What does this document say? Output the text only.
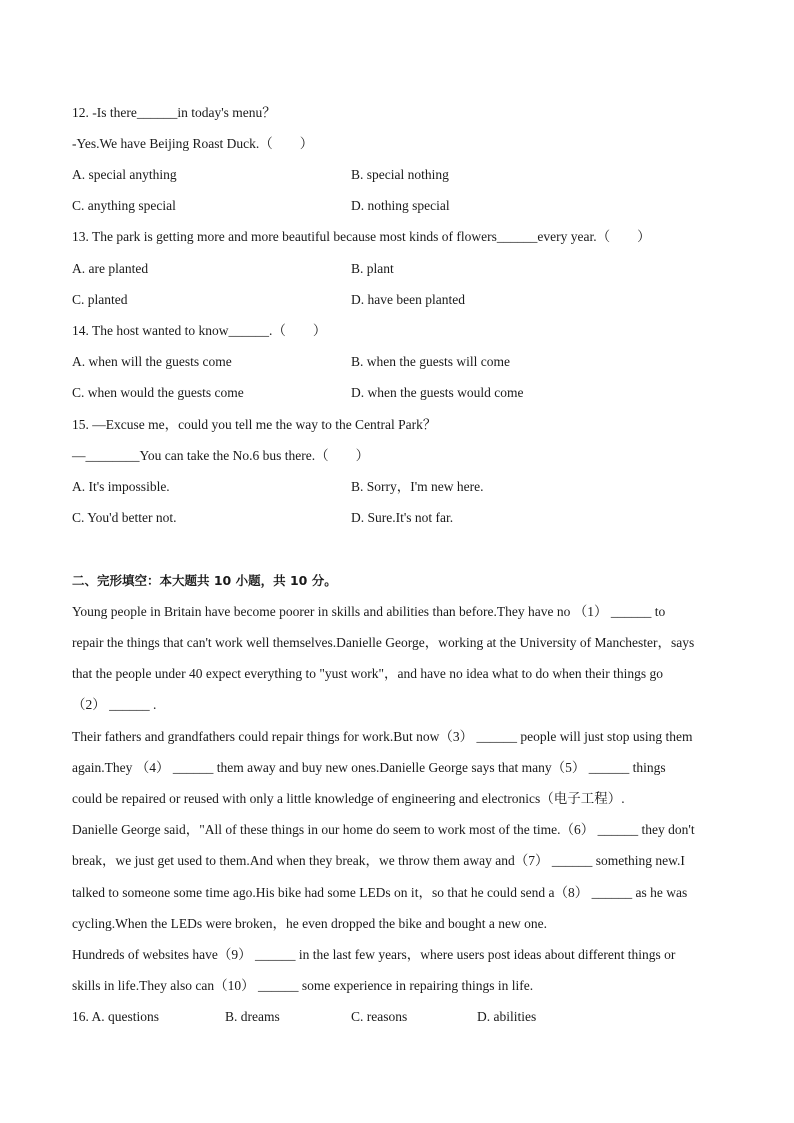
12. -Is there______in today's menu？
-Yes.We have Beijing Roast Duck.（　　）
A. special anything	B. special nothing
C. anything special	D. nothing special
13. The park is getting more and more beautiful because most kinds of flowers______every year.（　　）
A. are planted	B. plant
C. planted	D. have been planted
14. The host wanted to know______.（　　）
A. when will the guests come	B. when the guests will come
C. when would the guests come	D. when the guests would come
15. —Excuse me，could you tell me the way to the Central Park？
—________You can take the No.6 bus there.（　　）
A. It's impossible.	B. Sorry，I'm new here.
C. You'd better not.	D. Sure.It's not far.
二、完形填空：本大题共 10 小题，共 10 分。
Young people in Britain have become poorer in skills and abilities than before.They have no （1） ______ to
repair the things that can't work well themselves.Danielle George，working at the University of Manchester，says
that the people under 40 expect everything to "yust work"，and have no idea what to do when their things go
（2） ______ .
Their fathers and grandfathers could repair things for work.But now（3） ______ people will just stop using them
again.They （4） ______ them away and buy new ones.Danielle George says that many（5） ______ things
could be repaired or reused with only a little knowledge of engineering and electronics（电子工程）.
Danielle George said，"All of these things in our home do seem to work most of the time.（6） ______ they don't
break，we just get used to them.And when they break，we throw them away and（7） ______ something new.I
talked to someone some time ago.His bike had some LEDs on it，so that he could send a（8） ______ as he was
cycling.When the LEDs were broken，he even dropped the bike and bought a new one.
Hundreds of websites have（9） ______ in the last few years，where users post ideas about different things or
skills in life.They also can（10） ______ some experience in repairing things in life.
16. A. questions	B. dreams	C. reasons	D. abilities
